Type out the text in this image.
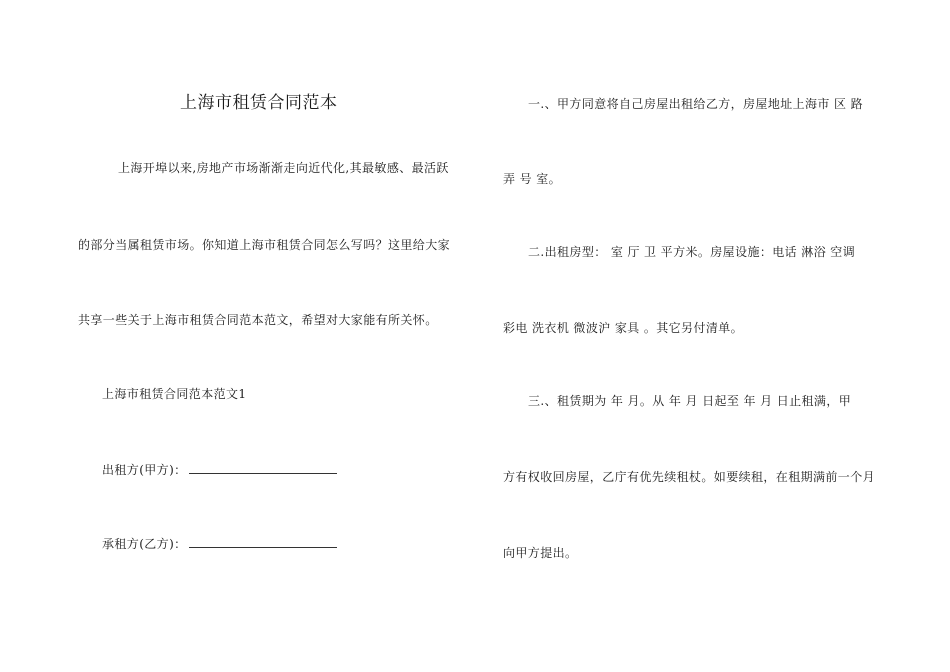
上海市租赁合同范本
上海开埠以来,房地产市场渐渐走向近代化,其最敏感、最活跃
的部分当属租赁市场。你知道上海市租赁合同怎么写吗？这里给大家
共享一些关于上海市租赁合同范本范文，希望对大家能有所关怀。
上海市租赁合同范本范文1
出租方(甲方)：
承租方(乙方)：
一.、甲方同意将自己房屋出租给乙方，房屋地址上海市 区 路
弄 号 室。
二.出租房型： 室 厅 卫 平方米。房屋设施：电话 淋浴 空调
彩电 洗衣机 微波沪 家具 。其它另付清单。
三.、租赁期为 年 月。从 年 月 日起至 年 月 日止租满，甲
方有权收回房屋，乙庁有优先续租杖。如要续租，在租期满前一个月
向甲方提出。
